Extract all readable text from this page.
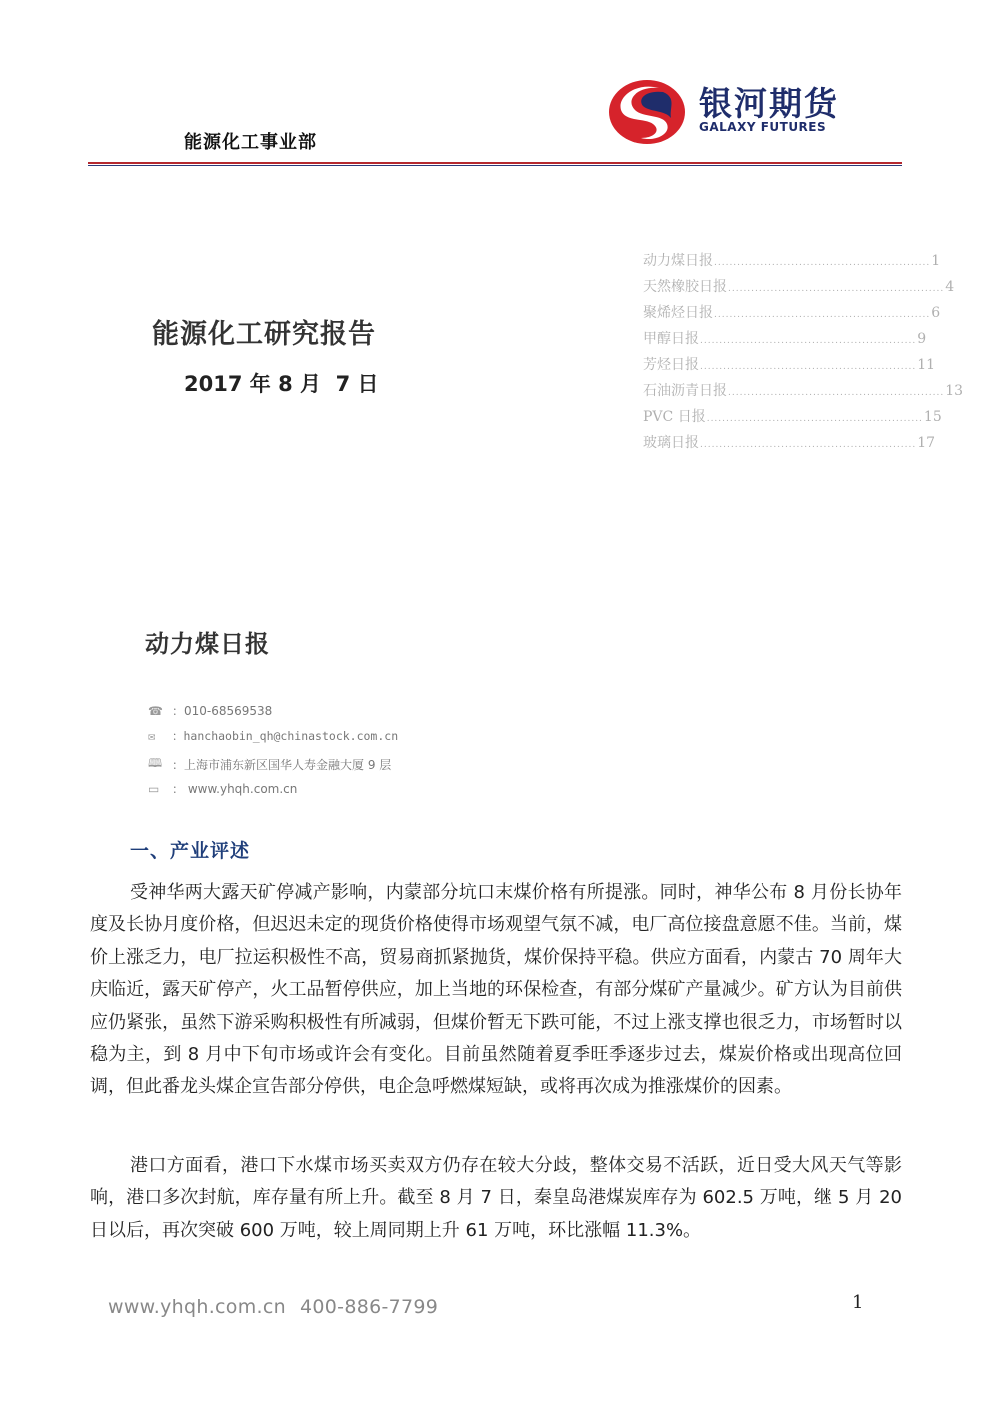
能源化工事业部
银河期货
GALAXY FUTURES
能源化工研究报告
2017 年 8 月  7 日
动力煤日报 ........................................................ 1
天然橡胶日报 ........................................................ 4
聚烯烃日报 ........................................................ 6
甲醇日报 ........................................................ 9
芳烃日报 ........................................................ 11
石油沥青日报 ........................................................ 13
PVC 日报 ........................................................ 15
玻璃日报 ........................................................ 17
动力煤日报
☎ ：010-68569538
✉	：hanchaobin_qh@chinastock.com.cn
🕮 ：上海市浦东新区国华人寿金融大厦 9 层
▭	： www.yhqh.com.cn
一、产业评述
受神华两大露天矿停减产影响，内蒙部分坑口末煤价格有所提涨。同时，神华公布 8 月份长协年度及长协月度价格，但迟迟未定的现货价格使得市场观望气氛不减，电厂高位接盘意愿不佳。当前，煤价上涨乏力，电厂拉运积极性不高，贸易商抓紧抛货，煤价保持平稳。供应方面看，内蒙古 70 周年大庆临近，露天矿停产，火工品暂停供应，加上当地的环保检查，有部分煤矿产量减少。矿方认为目前供应仍紧张，虽然下游采购积极性有所减弱，但煤价暂无下跌可能，不过上涨支撑也很乏力，市场暂时以稳为主，到 8 月中下旬市场或许会有变化。目前虽然随着夏季旺季逐步过去，煤炭价格或出现高位回调，但此番龙头煤企宣告部分停供，电企急呼燃煤短缺，或将再次成为推涨煤价的因素。
港口方面看，港口下水煤市场买卖双方仍存在较大分歧，整体交易不活跃，近日受大风天气等影响，港口多次封航，库存量有所上升。截至 8 月 7 日，秦皇岛港煤炭库存为 602.5 万吨，继 5 月 20 日以后，再次突破 600 万吨，较上周同期上升 61 万吨，环比涨幅 11.3%。
www.yhqh.com.cn 400-886-7799	1
